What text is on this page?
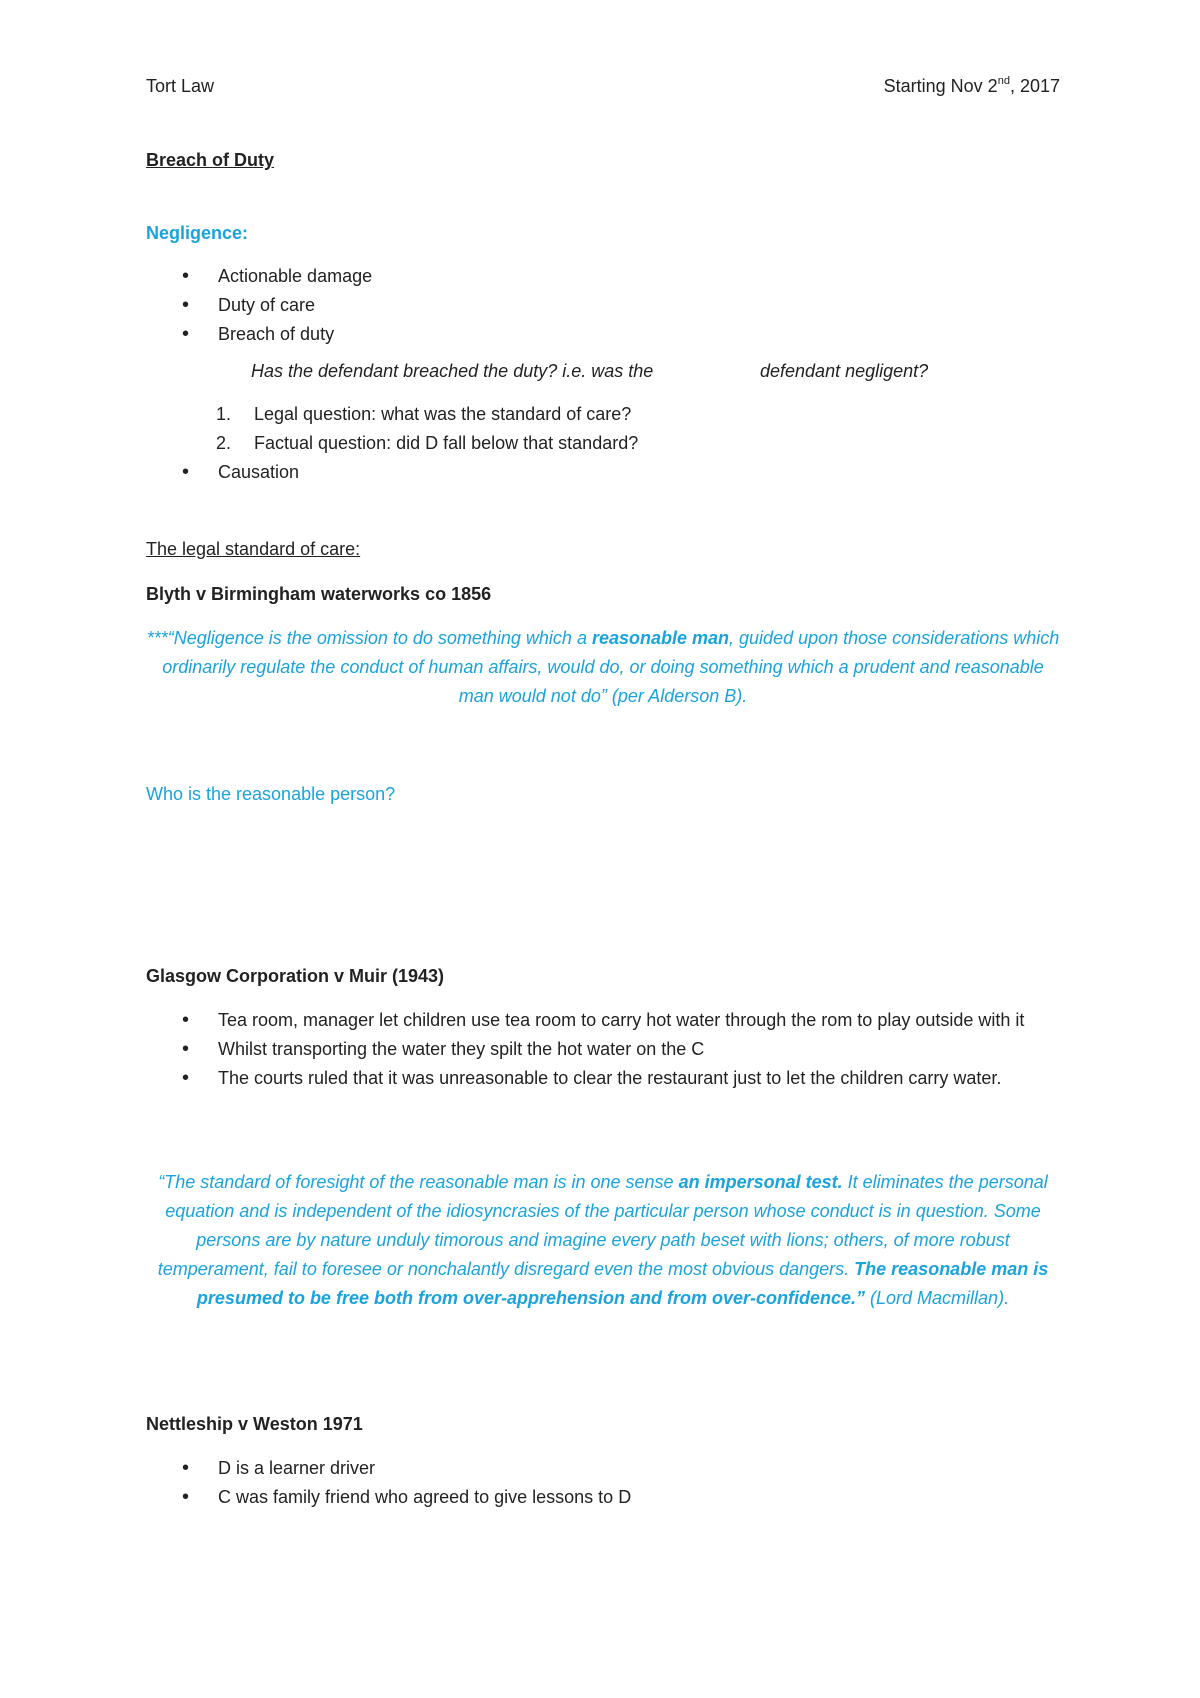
Tort Law	Starting Nov 2nd, 2017
Breach of Duty
Negligence:
• Actionable damage
• Duty of care
• Breach of duty
Has the defendant breached the duty? i.e. was the	defendant negligent?
1. Legal question: what was the standard of care?
2. Factual question: did D fall below that standard?
• Causation
The legal standard of care:
Blyth v Birmingham waterworks co 1856
***“Negligence is the omission to do something which a reasonable man, guided upon those considerations which ordinarily regulate the conduct of human affairs, would do, or doing something which a prudent and reasonable man would not do” (per Alderson B).
Who is the reasonable person?
Glasgow Corporation v Muir (1943)
• Tea room, manager let children use tea room to carry hot water through the rom to play outside with it
• Whilst transporting the water they spilt the hot water on the C
• The courts ruled that it was unreasonable to clear the restaurant just to let the children carry water.
“The standard of foresight of the reasonable man is in one sense an impersonal test. It eliminates the personal equation and is independent of the idiosyncrasies of the particular person whose conduct is in question. Some persons are by nature unduly timorous and imagine every path beset with lions; others, of more robust temperament, fail to foresee or nonchalantly disregard even the most obvious dangers. The reasonable man is presumed to be free both from over-apprehension and from over-confidence.” (Lord Macmillan).
Nettleship v Weston 1971
• D is a learner driver
• C was family friend who agreed to give lessons to D
